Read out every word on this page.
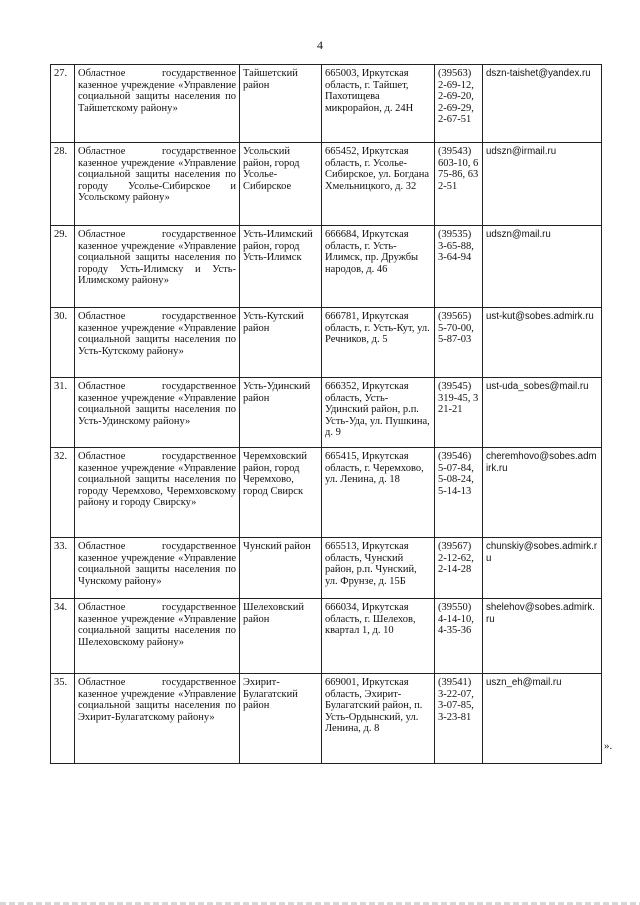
4
27.	Областное государственное казенное учреждение «Управление социальной защиты населения по Тайшетскому району»	Тайшетский район	665003, Иркутская область, г. Тайшет, Пахотищева микрорайон, д. 24Н	(39563) 2-69-12, 2-69-20, 2-69-29, 2-67-51	dszn-taishet@yandex.ru
28.	Областное государственное казенное учреждение «Управление социальной защиты населения по городу Усолье-Сибирское и Усольскому району»	Усольский район, город Усолье-Сибирское	665452, Иркутская область, г. Усолье-Сибирское, ул. Богдана Хмельницкого, д. 32	(39543) 603-10, 675-86, 632-51	udszn@irmail.ru
29.	Областное государственное казенное учреждение «Управление социальной защиты населения по городу Усть-Илимску и Усть-Илимскому району»	Усть-Илимский район, город Усть-Илимск	666684, Иркутская область, г. Усть-Илимск, пр. Дружбы народов, д. 46	(39535) 3-65-88, 3-64-94	udszn@mail.ru
30.	Областное государственное казенное учреждение «Управление социальной защиты населения по Усть-Кутскому району»	Усть-Кутский район	666781, Иркутская область, г. Усть-Кут, ул. Речников, д. 5	(39565) 5-70-00, 5-87-03	ust-kut@sobes.admirk.ru
31.	Областное государственное казенное учреждение «Управление социальной защиты населения по Усть-Удинскому району»	Усть-Удинский район	666352, Иркутская область, Усть-Удинский район, р.п. Усть-Уда, ул. Пушкина, д. 9	(39545) 319-45, 321-21	ust-uda_sobes@mail.ru
32.	Областное государственное казенное учреждение «Управление социальной защиты населения по городу Черемхово, Черемховскому району и городу Свирску»	Черемховский район, город Черемхово, город Свирск	665415, Иркутская область, г. Черемхово, ул. Ленина, д. 18	(39546) 5-07-84, 5-08-24, 5-14-13	cheremhovo@sobes.admirk.ru
33.	Областное государственное казенное учреждение «Управление социальной защиты населения по Чунскому району»	Чунский район	665513, Иркутская область, Чунский район, р.п. Чунский, ул. Фрунзе, д. 15Б	(39567) 2-12-62, 2-14-28	chunskiy@sobes.admirk.ru
34.	Областное государственное казенное учреждение «Управление социальной защиты населения по Шелеховскому району»	Шелеховский район	666034, Иркутская область, г. Шелехов, квартал 1, д. 10	(39550) 4-14-10, 4-35-36	shelehov@sobes.admirk.ru
35.	Областное государственное казенное учреждение «Управление социальной защиты населения по Эхирит-Булагатскому району»	Эхирит-Булагатский район	669001, Иркутская область, Эхирит-Булагатский район, п. Усть-Ордынский, ул. Ленина, д. 8	(39541) 3-22-07, 3-07-85, 3-23-81	uszn_eh@mail.ru
».
